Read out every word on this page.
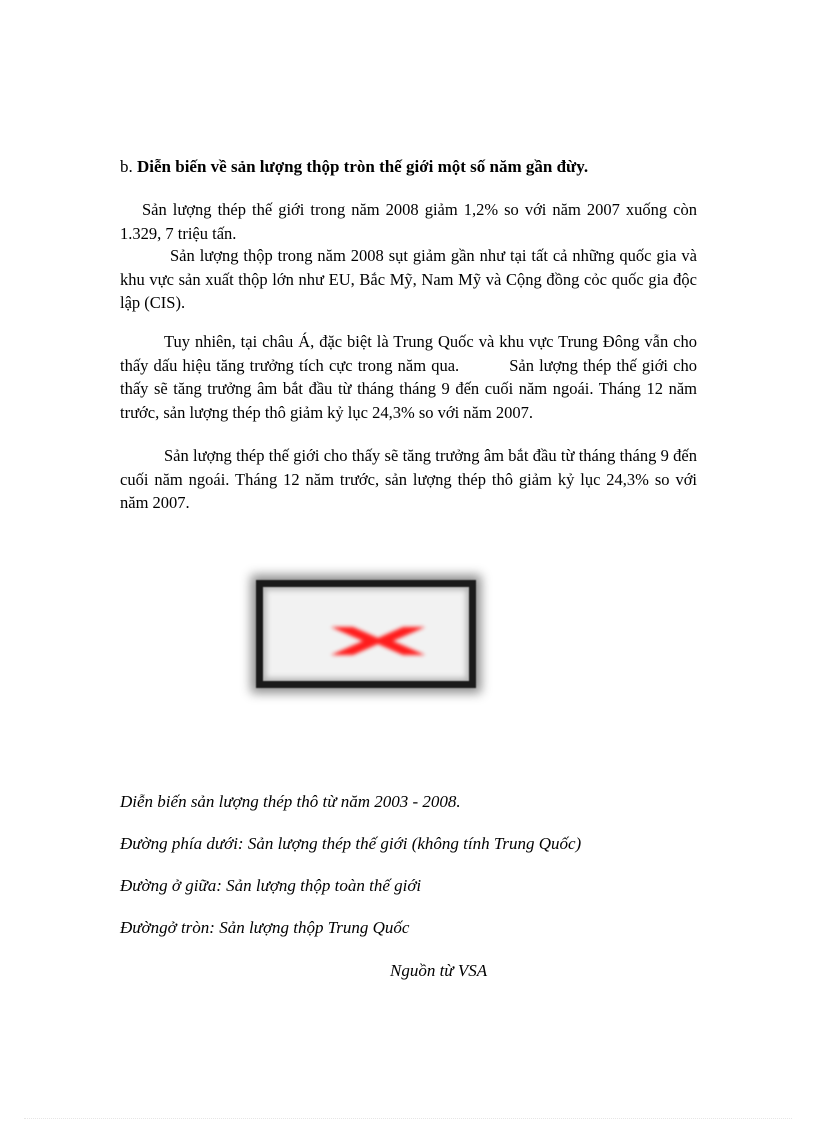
b. Diễn biến về sản lượng thộp tròn thế giới một số năm gần đừy.
Sản lượng thép thế giới trong năm 2008 giảm 1,2% so với năm 2007 xuống còn 1.329, 7 triệu tấn.
Sản lượng thộp trong năm 2008 sụt giảm gần như tại tất cả những quốc gia và khu vực sản xuất thộp lớn như EU, Bắc Mỹ, Nam Mỹ và Cộng đồng cỏc quốc gia độc lập (CIS).
Tuy nhiên, tại châu Á, đặc biệt là Trung Quốc và khu vực Trung Đông vẫn cho thấy dấu hiệu tăng trưởng tích cực trong năm qua.	Sản lượng thép thế giới cho thấy sẽ tăng trưởng âm bắt đầu từ tháng tháng 9 đến cuối năm ngoái. Tháng 12 năm trước, sản lượng thép thô giảm kỷ lục 24,3% so với năm 2007.
Sản lượng thép thế giới cho thấy sẽ tăng trưởng âm bắt đầu từ tháng tháng 9 đến cuối năm ngoái. Tháng 12 năm trước, sản lượng thép thô giảm kỷ lục 24,3% so với năm 2007.
Diễn biến sản lượng thép thô từ năm 2003 - 2008.
Đường phía dưới: Sản lượng thép thế giới (không tính Trung Quốc)
Đường ở giữa: Sản lượng thộp toàn thế giới
Đườngở tròn: Sản lượng thộp Trung Quốc
Nguồn từ VSA
